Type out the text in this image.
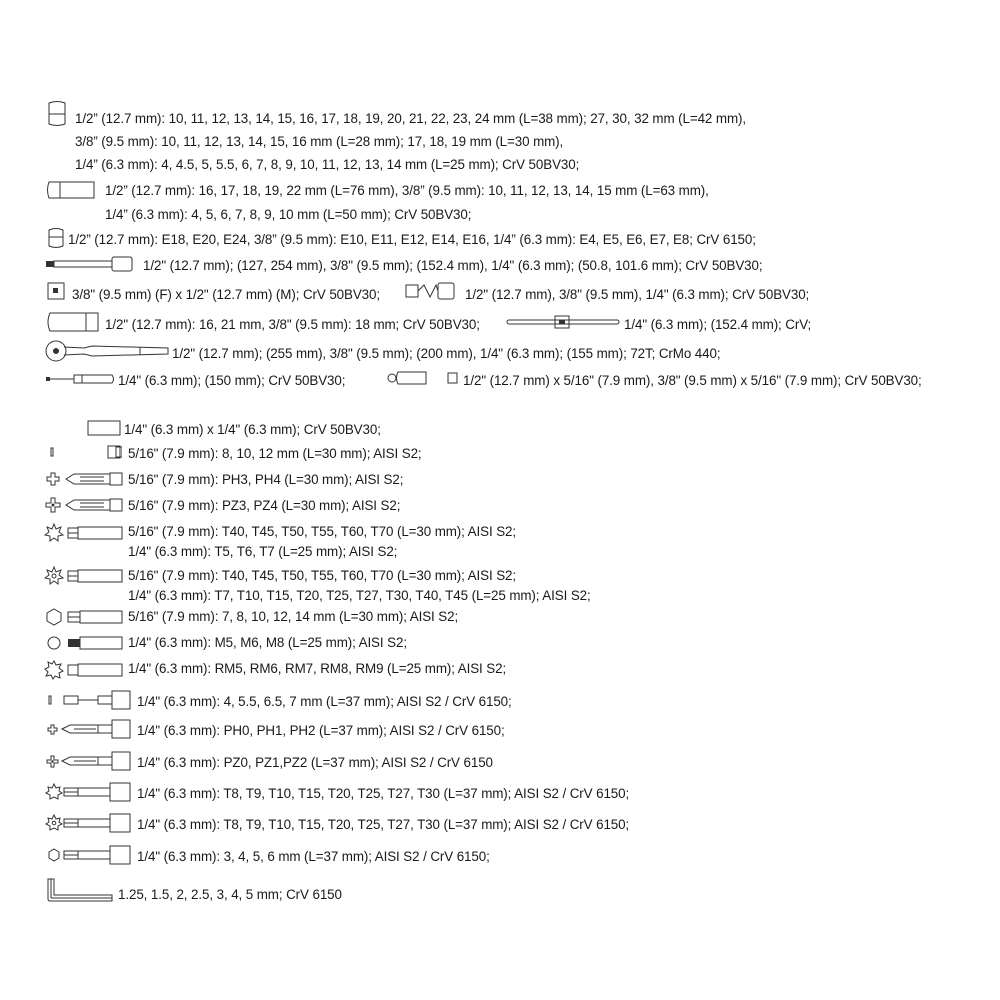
1/2” (12.7 mm): 10, 11, 12, 13, 14, 15, 16, 17, 18, 19, 20, 21, 22, 23, 24 mm (L=38 mm); 27, 30, 32 mm (L=42 mm),
3/8” (9.5 mm): 10, 11, 12, 13, 14, 15, 16 mm (L=28 mm); 17, 18, 19 mm (L=30 mm),
1/4” (6.3 mm): 4, 4.5, 5, 5.5, 6, 7, 8, 9, 10, 11, 12, 13, 14 mm (L=25 mm); CrV 50BV30;
1/2” (12.7 mm): 16, 17, 18, 19, 22 mm (L=76 mm), 3/8” (9.5 mm): 10, 11, 12, 13, 14, 15 mm (L=63 mm),
1/4” (6.3 mm): 4, 5, 6, 7, 8, 9, 10 mm (L=50 mm); CrV 50BV30;
1/2” (12.7 mm): E18, E20, E24, 3/8” (9.5 mm): E10, E11, E12, E14, E16, 1/4” (6.3 mm): E4, E5, E6, E7, E8; CrV 6150;
1/2" (12.7 mm); (127, 254 mm), 3/8" (9.5 mm); (152.4 mm), 1/4" (6.3 mm); (50.8, 101.6 mm); CrV 50BV30;
3/8" (9.5 mm) (F) x 1/2" (12.7 mm) (M); CrV 50BV30;	1/2" (12.7 mm), 3/8" (9.5 mm), 1/4" (6.3 mm); CrV 50BV30;
1/2" (12.7 mm): 16, 21 mm, 3/8" (9.5 mm): 18 mm; CrV 50BV30;	1/4" (6.3 mm); (152.4 mm); CrV;
1/2" (12.7 mm); (255 mm), 3/8" (9.5 mm); (200 mm), 1/4" (6.3 mm); (155 mm); 72T; CrMo 440;
1/4" (6.3 mm); (150 mm); CrV 50BV30;	1/2" (12.7 mm) x 5/16" (7.9 mm), 3/8" (9.5 mm) x 5/16" (7.9 mm); CrV 50BV30;
1/4" (6.3 mm) x 1/4" (6.3 mm); CrV 50BV30;
5/16" (7.9 mm): 8, 10, 12 mm (L=30 mm); AISI S2;
5/16" (7.9 mm): PH3, PH4 (L=30 mm); AISI S2;
5/16" (7.9 mm): PZ3, PZ4 (L=30 mm); AISI S2;
5/16" (7.9 mm): T40, T45, T50, T55, T60, T70 (L=30 mm); AISI S2;
1/4" (6.3 mm): T5, T6, T7 (L=25 mm); AISI S2;
5/16" (7.9 mm): T40, T45, T50, T55, T60, T70 (L=30 mm); AISI S2;
1/4" (6.3 mm): T7, T10, T15, T20, T25, T27, T30, T40, T45 (L=25 mm); AISI S2;
5/16" (7.9 mm): 7, 8, 10, 12, 14 mm (L=30 mm); AISI S2;
1/4" (6.3 mm): M5, M6, M8 (L=25 mm); AISI S2;
1/4" (6.3 mm): RM5, RM6, RM7, RM8, RM9 (L=25 mm); AISI S2;
1/4" (6.3 mm): 4, 5.5, 6.5, 7 mm (L=37 mm); AISI S2 / CrV 6150;
1/4" (6.3 mm): PH0, PH1, PH2 (L=37 mm); AISI S2 / CrV 6150;
1/4" (6.3 mm): PZ0, PZ1,PZ2 (L=37 mm); AISI S2 / CrV 6150
1/4" (6.3 mm): T8, T9, T10, T15, T20, T25, T27, T30 (L=37 mm); AISI S2 / CrV 6150;
1/4" (6.3 mm): T8, T9, T10, T15, T20, T25, T27, T30 (L=37 mm); AISI S2 / CrV 6150;
1/4" (6.3 mm): 3, 4, 5, 6 mm (L=37 mm); AISI S2 / CrV 6150;
1.25, 1.5, 2, 2.5, 3, 4, 5 mm; CrV 6150
